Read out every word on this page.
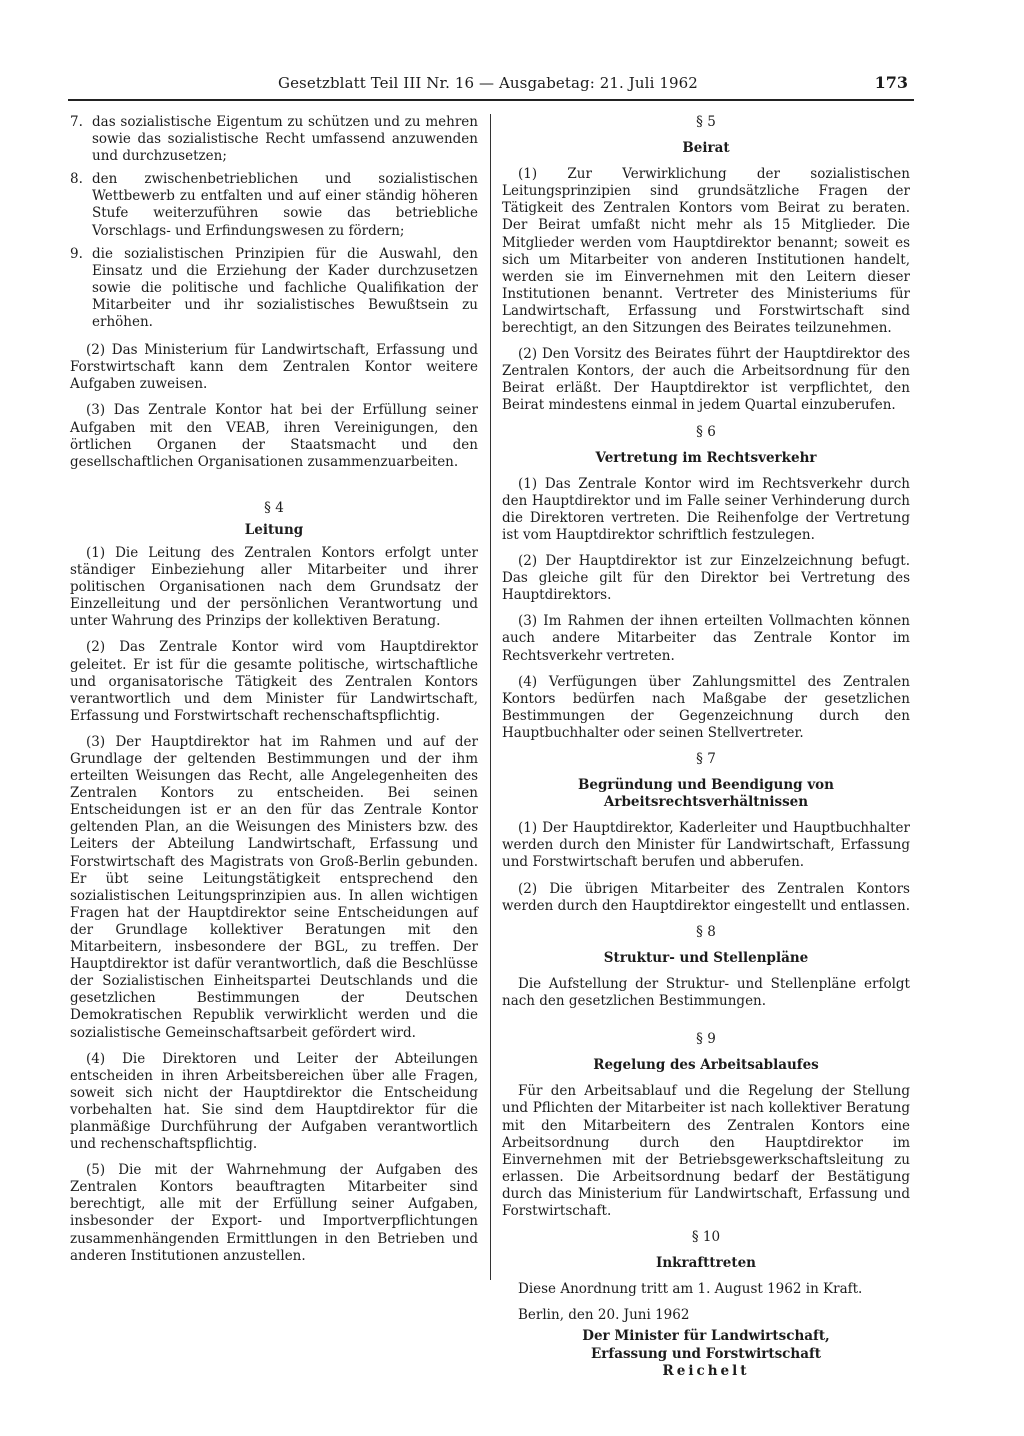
Gesetzblatt Teil III Nr. 16 — Ausgabetag: 21. Juli 1962	173
7. das sozialistische Eigentum zu schützen und zu mehren sowie das sozialistische Recht umfassend anzuwenden und durchzusetzen;
8. den zwischenbetrieblichen und sozialistischen Wettbewerb zu entfalten und auf einer ständig höheren Stufe weiterzuführen sowie das betriebliche Vorschlags- und Erfindungswesen zu fördern;
9. die sozialistischen Prinzipien für die Auswahl, den Einsatz und die Erziehung der Kader durchzusetzen sowie die politische und fachliche Qualifikation der Mitarbeiter und ihr sozialistisches Bewußtsein zu erhöhen.

(2) Das Ministerium für Landwirtschaft, Erfassung und Forstwirtschaft kann dem Zentralen Kontor weitere Aufgaben zuweisen.

(3) Das Zentrale Kontor hat bei der Erfüllung seiner Aufgaben mit den VEAB, ihren Vereinigungen, den örtlichen Organen der Staatsmacht und den gesellschaftlichen Organisationen zusammenzuarbeiten.

§ 4

Leitung

(1) Die Leitung des Zentralen Kontors erfolgt unter ständiger Einbeziehung aller Mitarbeiter und ihrer politischen Organisationen nach dem Grundsatz der Einzelleitung und der persönlichen Verantwortung und unter Wahrung des Prinzips der kollektiven Beratung.

(2) Das Zentrale Kontor wird vom Hauptdirektor geleitet. Er ist für die gesamte politische, wirtschaftliche und organisatorische Tätigkeit des Zentralen Kontors verantwortlich und dem Minister für Landwirtschaft, Erfassung und Forstwirtschaft rechenschaftspflichtig.

(3) Der Hauptdirektor hat im Rahmen und auf der Grundlage der geltenden Bestimmungen und der ihm erteilten Weisungen das Recht, alle Angelegenheiten des Zentralen Kontors zu entscheiden. Bei seinen Entscheidungen ist er an den für das Zentrale Kontor geltenden Plan, an die Weisungen des Ministers bzw. des Leiters der Abteilung Landwirtschaft, Erfassung und Forstwirtschaft des Magistrats von Groß-Berlin gebunden. Er übt seine Leitungstätigkeit entsprechend den sozialistischen Leitungsprinzipien aus. In allen wichtigen Fragen hat der Hauptdirektor seine Entscheidungen auf der Grundlage kollektiver Beratungen mit den Mitarbeitern, insbesondere der BGL, zu treffen. Der Hauptdirektor ist dafür verantwortlich, daß die Beschlüsse der Sozialistischen Einheitspartei Deutschlands und die gesetzlichen Bestimmungen der Deutschen Demokratischen Republik verwirklicht werden und die sozialistische Gemeinschaftsarbeit gefördert wird.

(4) Die Direktoren und Leiter der Abteilungen entscheiden in ihren Arbeitsbereichen über alle Fragen, soweit sich nicht der Hauptdirektor die Entscheidung vorbehalten hat. Sie sind dem Hauptdirektor für die planmäßige Durchführung der Aufgaben verantwortlich und rechenschaftspflichtig.

(5) Die mit der Wahrnehmung der Aufgaben des Zentralen Kontors beauftragten Mitarbeiter sind berechtigt, alle mit der Erfüllung seiner Aufgaben, insbesonder der Export- und Importverpflichtungen zusammenhängenden Ermittlungen in den Betrieben und anderen Institutionen anzustellen.

§ 5

Beirat

(1) Zur Verwirklichung der sozialistischen Leitungsprinzipien sind grundsätzliche Fragen der Tätigkeit des Zentralen Kontors vom Beirat zu beraten. Der Beirat umfaßt nicht mehr als 15 Mitglieder. Die Mitglieder werden vom Hauptdirektor benannt; soweit es sich um Mitarbeiter von anderen Institutionen handelt, werden sie im Einvernehmen mit den Leitern dieser Institutionen benannt. Vertreter des Ministeriums für Landwirtschaft, Erfassung und Forstwirtschaft sind berechtigt, an den Sitzungen des Beirates teilzunehmen.

(2) Den Vorsitz des Beirates führt der Hauptdirektor des Zentralen Kontors, der auch die Arbeitsordnung für den Beirat erläßt. Der Hauptdirektor ist verpflichtet, den Beirat mindestens einmal in jedem Quartal einzuberufen.

§ 6

Vertretung im Rechtsverkehr

(1) Das Zentrale Kontor wird im Rechtsverkehr durch den Hauptdirektor und im Falle seiner Verhinderung durch die Direktoren vertreten. Die Reihenfolge der Vertretung ist vom Hauptdirektor schriftlich festzulegen.

(2) Der Hauptdirektor ist zur Einzelzeichnung befugt. Das gleiche gilt für den Direktor bei Vertretung des Hauptdirektors.

(3) Im Rahmen der ihnen erteilten Vollmachten können auch andere Mitarbeiter das Zentrale Kontor im Rechtsverkehr vertreten.

(4) Verfügungen über Zahlungsmittel des Zentralen Kontors bedürfen nach Maßgabe der gesetzlichen Bestimmungen der Gegenzeichnung durch den Hauptbuchhalter oder seinen Stellvertreter.

§ 7

Begründung und Beendigung von

Arbeitsrechtsverhältnissen

(1) Der Hauptdirektor, Kaderleiter und Hauptbuchhalter werden durch den Minister für Landwirtschaft, Erfassung und Forstwirtschaft berufen und abberufen.

(2) Die übrigen Mitarbeiter des Zentralen Kontors werden durch den Hauptdirektor eingestellt und entlassen.

§ 8

Struktur- und Stellenpläne

Die Aufstellung der Struktur- und Stellenpläne erfolgt nach den gesetzlichen Bestimmungen.

§ 9

Regelung des Arbeitsablaufes

Für den Arbeitsablauf und die Regelung der Stellung und Pflichten der Mitarbeiter ist nach kollektiver Beratung mit den Mitarbeitern des Zentralen Kontors eine Arbeitsordnung durch den Hauptdirektor im Einvernehmen mit der Betriebsgewerkschaftsleitung zu erlassen. Die Arbeitsordnung bedarf der Bestätigung durch das Ministerium für Landwirtschaft, Erfassung und Forstwirtschaft.

§ 10

Inkrafttreten

Diese Anordnung tritt am 1. August 1962 in Kraft.

Berlin, den 20. Juni 1962

Der Minister für Landwirtschaft,

Erfassung und Forstwirtschaft

Reichelt
